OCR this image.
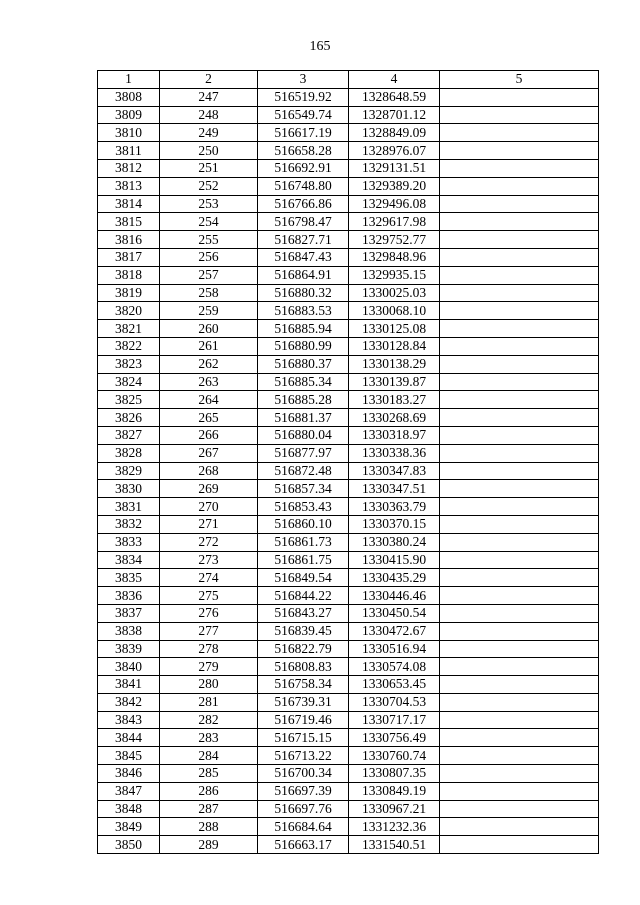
165
1	2	3	4	5
3808	247	516519.92	1328648.59	
3809	248	516549.74	1328701.12	
3810	249	516617.19	1328849.09	
3811	250	516658.28	1328976.07	
3812	251	516692.91	1329131.51	
3813	252	516748.80	1329389.20	
3814	253	516766.86	1329496.08	
3815	254	516798.47	1329617.98	
3816	255	516827.71	1329752.77	
3817	256	516847.43	1329848.96	
3818	257	516864.91	1329935.15	
3819	258	516880.32	1330025.03	
3820	259	516883.53	1330068.10	
3821	260	516885.94	1330125.08	
3822	261	516880.99	1330128.84	
3823	262	516880.37	1330138.29	
3824	263	516885.34	1330139.87	
3825	264	516885.28	1330183.27	
3826	265	516881.37	1330268.69	
3827	266	516880.04	1330318.97	
3828	267	516877.97	1330338.36	
3829	268	516872.48	1330347.83	
3830	269	516857.34	1330347.51	
3831	270	516853.43	1330363.79	
3832	271	516860.10	1330370.15	
3833	272	516861.73	1330380.24	
3834	273	516861.75	1330415.90	
3835	274	516849.54	1330435.29	
3836	275	516844.22	1330446.46	
3837	276	516843.27	1330450.54	
3838	277	516839.45	1330472.67	
3839	278	516822.79	1330516.94	
3840	279	516808.83	1330574.08	
3841	280	516758.34	1330653.45	
3842	281	516739.31	1330704.53	
3843	282	516719.46	1330717.17	
3844	283	516715.15	1330756.49	
3845	284	516713.22	1330760.74	
3846	285	516700.34	1330807.35	
3847	286	516697.39	1330849.19	
3848	287	516697.76	1330967.21	
3849	288	516684.64	1331232.36	
3850	289	516663.17	1331540.51	
